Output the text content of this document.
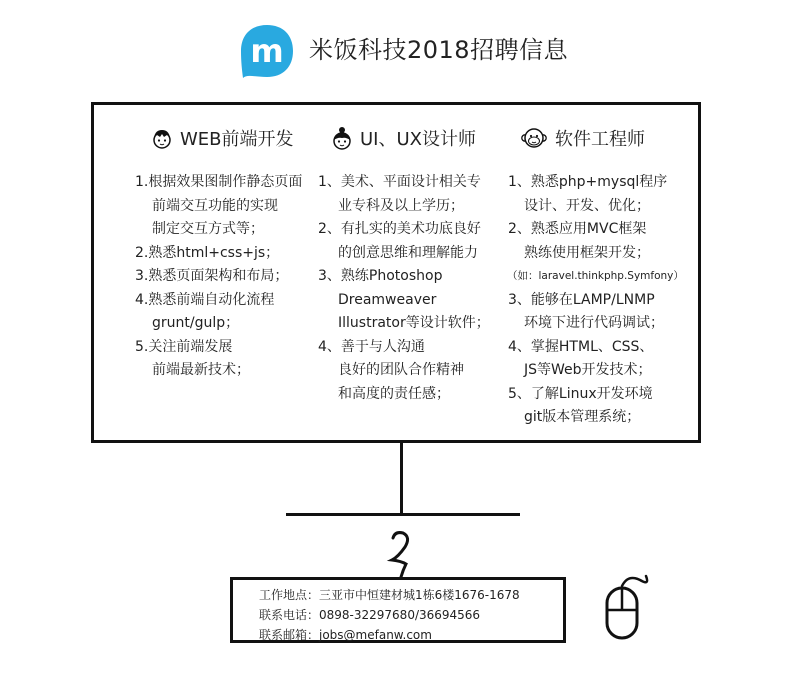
m 米饭科技2018招聘信息
WEB前端开发
1.根据效果图制作静态页面
前端交互功能的实现
制定交互方式等；
2.熟悉html+css+js；
3.熟悉页面架构和布局；
4.熟悉前端自动化流程
grunt/gulp；
5.关注前端发展
前端最新技术；
UI、UX设计师
1、美术、平面设计相关专
业专科及以上学历；
2、有扎实的美术功底良好
的创意思维和理解能力
3、熟练Photoshop
Dreamweaver
Illustrator等设计软件；
4、善于与人沟通
良好的团队合作精神
和高度的责任感；
软件工程师
1、熟悉php+mysql程序
设计、开发、优化；
2、熟悉应用MVC框架
熟练使用框架开发；
（如：laravel.thinkphp.Symfony）
3、能够在LAMP/LNMP
环境下进行代码调试；
4、掌握HTML、CSS、
JS等Web开发技术；
5、了解Linux开发环境
git版本管理系统；
工作地点：三亚市中恒建材城1栋6楼1676-1678
联系电话：0898-32297680/36694566
联系邮箱：jobs@mefanw.com
